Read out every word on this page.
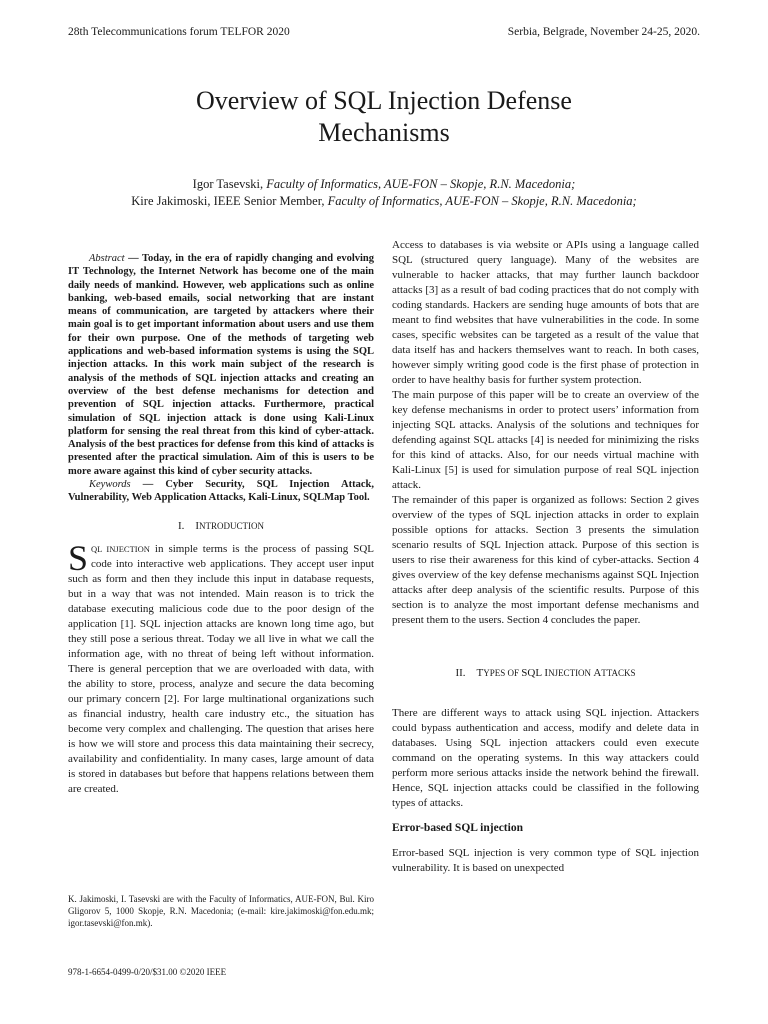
28th Telecommunications forum TELFOR 2020	Serbia, Belgrade, November 24-25, 2020.
Overview of SQL Injection Defense
Mechanisms
Igor Tasevski, Faculty of Informatics, AUE-FON – Skopje, R.N. Macedonia;
Kire Jakimoski, IEEE Senior Member, Faculty of Informatics, AUE-FON – Skopje, R.N. Macedonia;

  Abstract — Today, in the era of rapidly changing and evolving IT Technology, the Internet Network has become one of the main daily needs of mankind. However, web applications such as online banking, web-based emails, social networking that are instant means of communication, are targeted by attackers where their main goal is to get important information about users and use them for their own purpose. One of the methods of targeting web applications and web-based information systems is using the SQL injection attacks. In this work main subject of the research is analysis of the methods of SQL injection attacks and creating an overview of the best defense mechanisms for detection and prevention of SQL injection attacks. Furthermore, practical simulation of SQL injection attack is done using Kali-Linux platform for sensing the real threat from this kind of cyber-attack. Analysis of the best practices for defense from this kind of attacks is presented after the practical simulation. Aim of this is users to be more aware against this kind of cyber security attacks.

  Keywords — Cyber Security, SQL Injection Attack, Vulnerability, Web Application Attacks, Kali-Linux, SQLMap Tool.

I.  INTRODUCTION

SQL INJECTION in simple terms is the process of passing SQL code into interactive web applications. They accept user input such as form and then they include this input in database requests, but in a way that was not intended. Main reason is to trick the database executing malicious code due to the poor design of the application [1]. SQL injection attacks are known long time ago, but they still pose a serious threat. Today we all live in what we call the information age, with no threat of being left without information. There is general perception that we are overloaded with data, with the ability to store, process, analyze and secure the data becoming our primary concern [2]. For large multinational organizations such as financial industry, health care industry etc., the situation has become very complex and challenging. The question that arises here is how we will store and process this data maintaining their secrecy, availability and confidentiality. In many cases, large amount of data is stored in databases but before that happens relations between them are created.

Access to databases is via website or APIs using a language called SQL (structured query language). Many of the websites are vulnerable to hacker attacks, that may further launch backdoor attacks [3] as a result of bad coding practices that do not comply with coding standards. Hackers are sending huge amounts of bots that are meant to find websites that have vulnerabilities in the code. In some cases, specific websites can be targeted as a result of the value that data itself has and hackers themselves want to reach. In both cases, however simply writing good code is the first phase of protection in order to have healthy basis for further system protection.

The main purpose of this paper will be to create an overview of the key defense mechanisms in order to protect users’ information from injecting SQL attacks. Analysis of the solutions and techniques for defending against SQL attacks [4] is needed for minimizing the risks for this kind of attacks. Also, for our needs virtual machine with Kali-Linux [5] is used for simulation purpose of real SQL injection attack.

The remainder of this paper is organized as follows: Section 2 gives overview of the types of SQL injection attacks in order to explain possible options for attacks. Section 3 presents the simulation scenario results of SQL Injection attack. Purpose of this section is users to rise their awareness for this kind of cyber-attacks. Section 4 gives overview of the key defense mechanisms against SQL Injection attacks after deep analysis of the scientific results. Purpose of this section is to analyze the most important defense mechanisms and present them to the users. Section 4 concludes the paper.

II.  TYPES OF SQL INJECTION ATTACKS

There are different ways to attack using SQL injection. Attackers could bypass authentication and access, modify and delete data in databases. Using SQL injection attackers could even execute command on the operating systems. In this way attackers could perform more serious attacks inside the network behind the firewall. Hence, SQL injection attacks could be classified in the following types of attacks.

Error-based SQL injection

Error-based SQL injection is very common type of SQL injection vulnerability. It is based on unexpected

K. Jakimoski, I. Tasevski are with the Faculty of Informatics, AUE-FON, Bul. Kiro Gligorov 5, 1000 Skopje, R.N. Macedonia; (e-mail: kire.jakimoski@fon.edu.mk; igor.tasevski@fon.mk).
978-1-6654-0499-0/20/$31.00 ©2020 IEEE
